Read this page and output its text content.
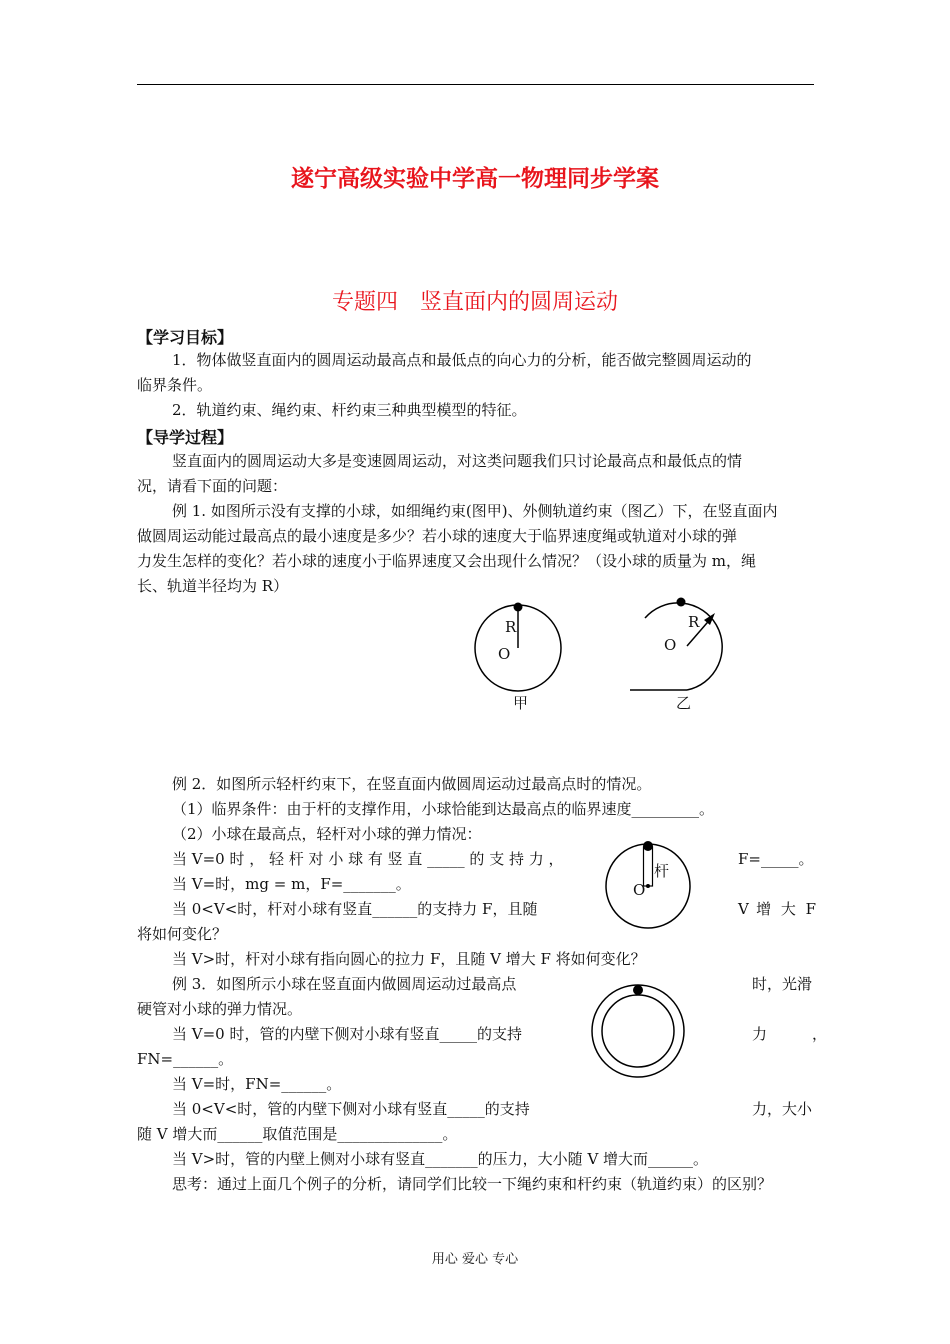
遂宁高级实验中学高一物理同步学案
专题四　竖直面内的圆周运动
【学习目标】
1．物体做竖直面内的圆周运动最高点和最低点的向心力的分析，能否做完整圆周运动的
临界条件。
2．轨道约束、绳约束、杆约束三种典型模型的特征。
【导学过程】
竖直面内的圆周运动大多是变速圆周运动，对这类问题我们只讨论最高点和最低点的情
况，请看下面的问题：
例 1. 如图所示没有支撑的小球，如细绳约束(图甲)、外侧轨道约束（图乙）下，在竖直面内
做圆周运动能过最高点的最小速度是多少？若小球的速度大于临界速度绳或轨道对小球的弹
力发生怎样的变化？若小球的速度小于临界速度又会出现什么情况？（设小球的质量为 m，绳
长、轨道半径均为 R）
R
O
甲
R
O
乙
例 2．如图所示轻杆约束下，在竖直面内做圆周运动过最高点时的情况。
（1）临界条件：由于杆的支撑作用，小球恰能到达最高点的临界速度_________。
（2）小球在最高点，轻杆对小球的弹力情况：
当 V=0 时 ， 轻 杆 对 小 球 有 竖 直 _____ 的 支 持 力 ，	F=_____。
当 V=时，mg = m，F=_______。
当 0<V<时，杆对小球有竖直______的支持力 F，且随	V 增 大 F
将如何变化？
当 V>时，杆对小球有指向圆心的拉力 F，且随 V 增大 F 将如何变化？
杆
O
例 3．如图所示小球在竖直面内做圆周运动过最高点	时，光滑
硬管对小球的弹力情况。
当 V=0 时，管的内壁下侧对小球有竖直_____的支持	力	，
FN=______。
当 V=时，FN=______。
当 0<V<时，管的内壁下侧对小球有竖直_____的支持	力，大小
随 V 增大而______取值范围是______________。
当 V>时，管的内壁上侧对小球有竖直_______的压力，大小随 V 增大而______。
思考：通过上面几个例子的分析，请同学们比较一下绳约束和杆约束（轨道约束）的区别？
用心 爱心 专心
